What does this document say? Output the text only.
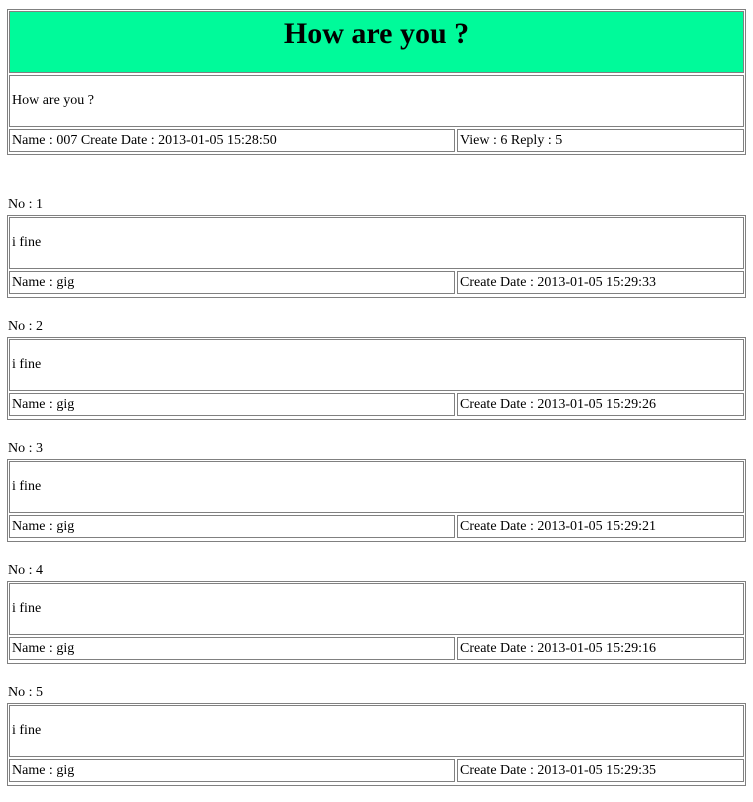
How are you ?
How are you ?
Name : 007 Create Date : 2013-01-05 15:28:50	View : 6 Reply : 5
No : 1
i fine
Name : gig	Create Date : 2013-01-05 15:29:33
No : 2
i fine
Name : gig	Create Date : 2013-01-05 15:29:26
No : 3
i fine
Name : gig	Create Date : 2013-01-05 15:29:21
No : 4
i fine
Name : gig	Create Date : 2013-01-05 15:29:16
No : 5
i fine
Name : gig	Create Date : 2013-01-05 15:29:35
